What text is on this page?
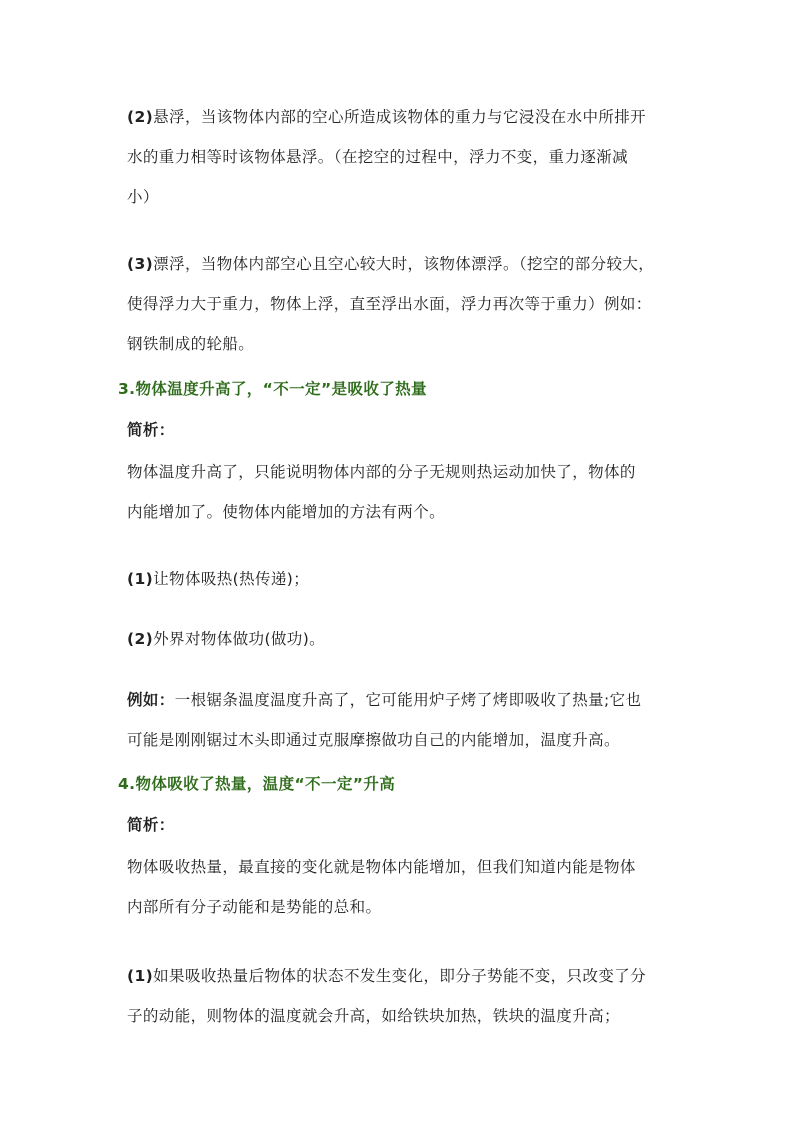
(2)悬浮，当该物体内部的空心所造成该物体的重力与它浸没在水中所排开
水的重力相等时该物体悬浮。（在挖空的过程中，浮力不变，重力逐渐减
小）

(3)漂浮，当物体内部空心且空心较大时，该物体漂浮。（挖空的部分较大，
使得浮力大于重力，物体上浮，直至浮出水面，浮力再次等于重力）例如：
钢铁制成的轮船。

3.物体温度升高了，“不一定”是吸收了热量

简析：

物体温度升高了，只能说明物体内部的分子无规则热运动加快了，物体的
内能增加了。使物体内能增加的方法有两个。

(1)让物体吸热(热传递)；

(2)外界对物体做功(做功)。

例如：一根锯条温度温度升高了，它可能用炉子烤了烤即吸收了热量;它也
可能是刚刚锯过木头即通过克服摩擦做功自己的内能增加，温度升高。

4.物体吸收了热量，温度“不一定”升高

简析：

物体吸收热量，最直接的变化就是物体内能增加，但我们知道内能是物体
内部所有分子动能和是势能的总和。

(1)如果吸收热量后物体的状态不发生变化，即分子势能不变，只改变了分
子的动能，则物体的温度就会升高，如给铁块加热，铁块的温度升高；
